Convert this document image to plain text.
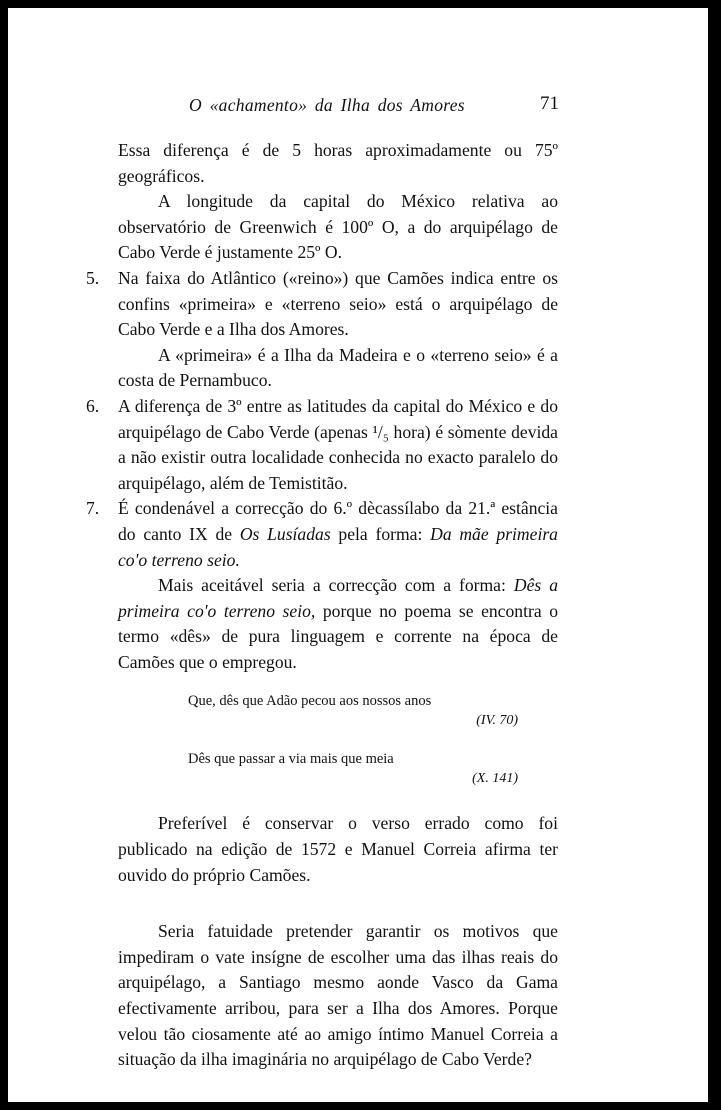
O «achamento» da Ilha dos Amores	71

Essa diferença é de 5 horas aproximadamente ou 75º geográficos.

A longitude da capital do México relativa ao observatório de Greenwich é 100º O, a do arquipélago de Cabo Verde é justamente 25º O.

5. Na faixa do Atlântico («reino») que Camões indica entre os confins «primeira» e «terreno seio» está o arquipélago de Cabo Verde e a Ilha dos Amores.

A «primeira» é a Ilha da Madeira e o «terreno seio» é a costa de Pernambuco.

6. A diferença de 3º entre as latitudes da capital do México e do arquipélago de Cabo Verde (apenas ¹/₅ hora) é sòmente devida a não existir outra localidade conhecida no exacto paralelo do arquipélago, além de Temistitão.

7. É condenável a correcção do 6.º dècassílabo da 21.ª estância do canto IX de Os Lusíadas pela forma: Da mãe primeira co'o terreno seio.

Mais aceitável seria a correcção com a forma: Dês a primeira co'o terreno seio, porque no poema se encontra o termo «dês» de pura linguagem e corrente na época de Camões que o empregou.

Que, dês que Adão pecou aos nossos anos
(IV. 70)
Dês que passar a via mais que meia
(X. 141)

Preferível é conservar o verso errado como foi publicado na edição de 1572 e Manuel Correia afirma ter ouvido do próprio Camões.

Seria fatuidade pretender garantir os motivos que impediram o vate insígne de escolher uma das ilhas reais do arquipélago, a Santiago mesmo aonde Vasco da Gama efectivamente arribou, para ser a Ilha dos Amores. Porque velou tão ciosamente até ao amigo íntimo Manuel Correia a situação da ilha imaginária no arquipélago de Cabo Verde?
